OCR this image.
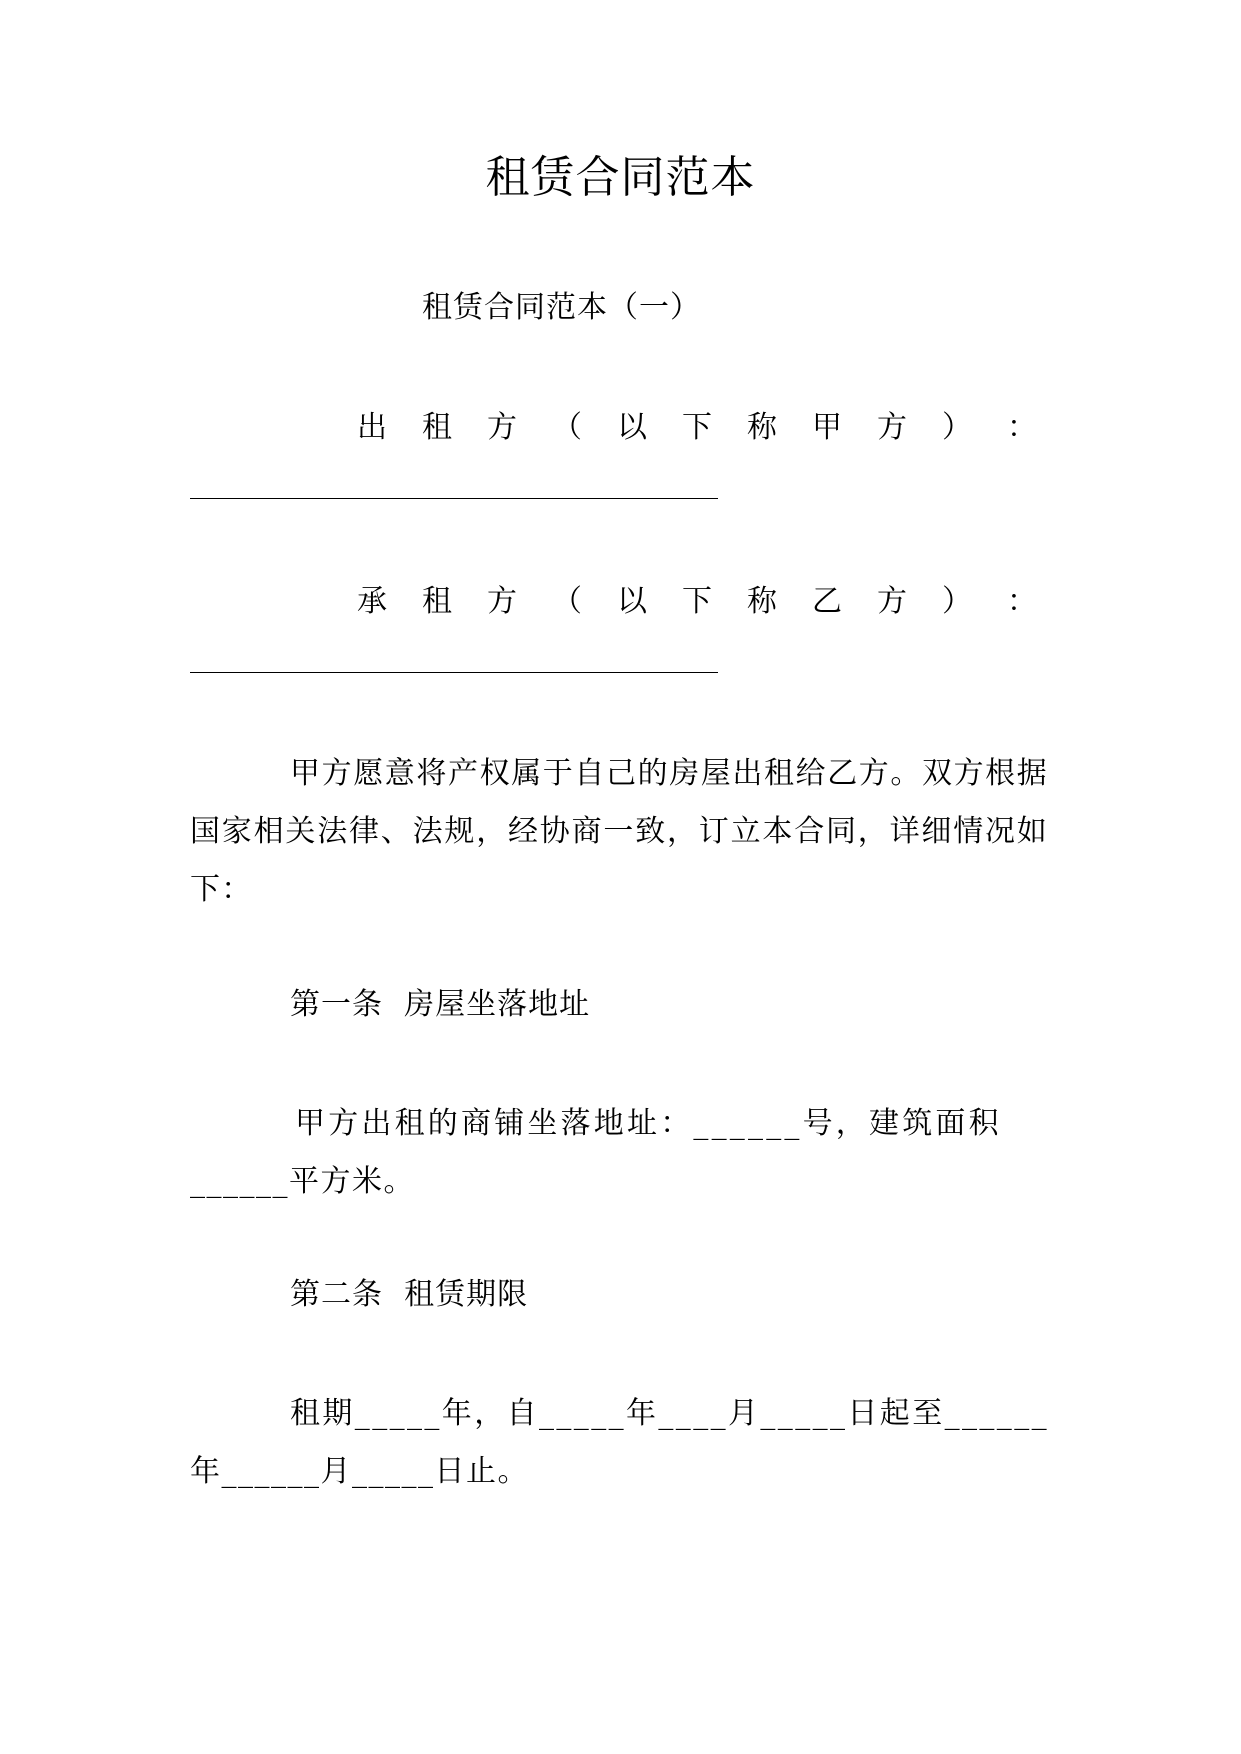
租赁合同范本
租赁合同范本（一）
出 租 方 （ 以 下 称 甲 方 ） ：
承 租 方 （ 以 下 称 乙 方 ） ：
甲方愿意将产权属于自己的房屋出租给乙方。双方根据国家相关法律、法规，经协商一致，订立本合同，详细情况如下：
第一条  房屋坐落地址
甲方出租的商铺坐落地址：______号，建筑面积
______平方米。
第二条  租赁期限
租期_____年，自_____年____月_____日起至______
年______月_____日止。
